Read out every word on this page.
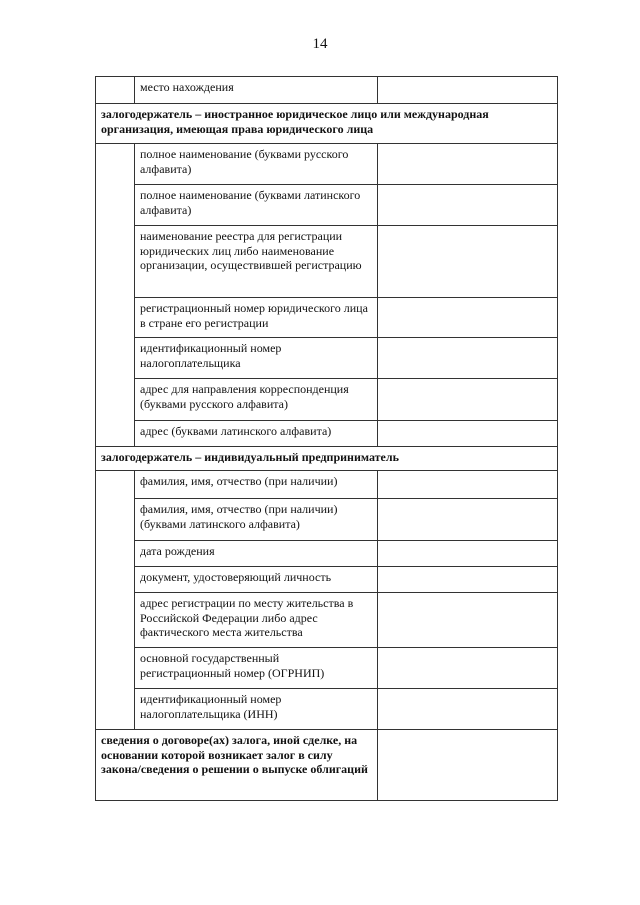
14
	место нахождения	
залогодержатель – иностранное юридическое лицо или международная организация, имеющая права юридического лица		
	полное наименование (буквами русского алфавита)	
	полное наименование (буквами латинского алфавита)	
	наименование реестра для регистрации юридических лиц либо наименование организации, осуществившей регистрацию	
	регистрационный номер юридического лица в стране его регистрации	
	идентификационный номер налогоплательщика	
	адрес для направления корреспонденция (буквами русского алфавита)	
	адрес (буквами латинского алфавита)	
залогодержатель – индивидуальный предприниматель		
	фамилия, имя, отчество (при наличии)	
	фамилия, имя, отчество (при наличии) (буквами латинского алфавита)	
	дата рождения	
	документ, удостоверяющий личность	
	адрес регистрации по месту жительства в Российской Федерации либо адрес фактического места жительства	
	основной государственный регистрационный номер (ОГРНИП)	
	идентификационный номер налогоплательщика (ИНН)	
сведения о договоре(ах) залога, иной сделке, на основании которой возникает залог в силу закона/сведения о решении о выпуске облигаций		
